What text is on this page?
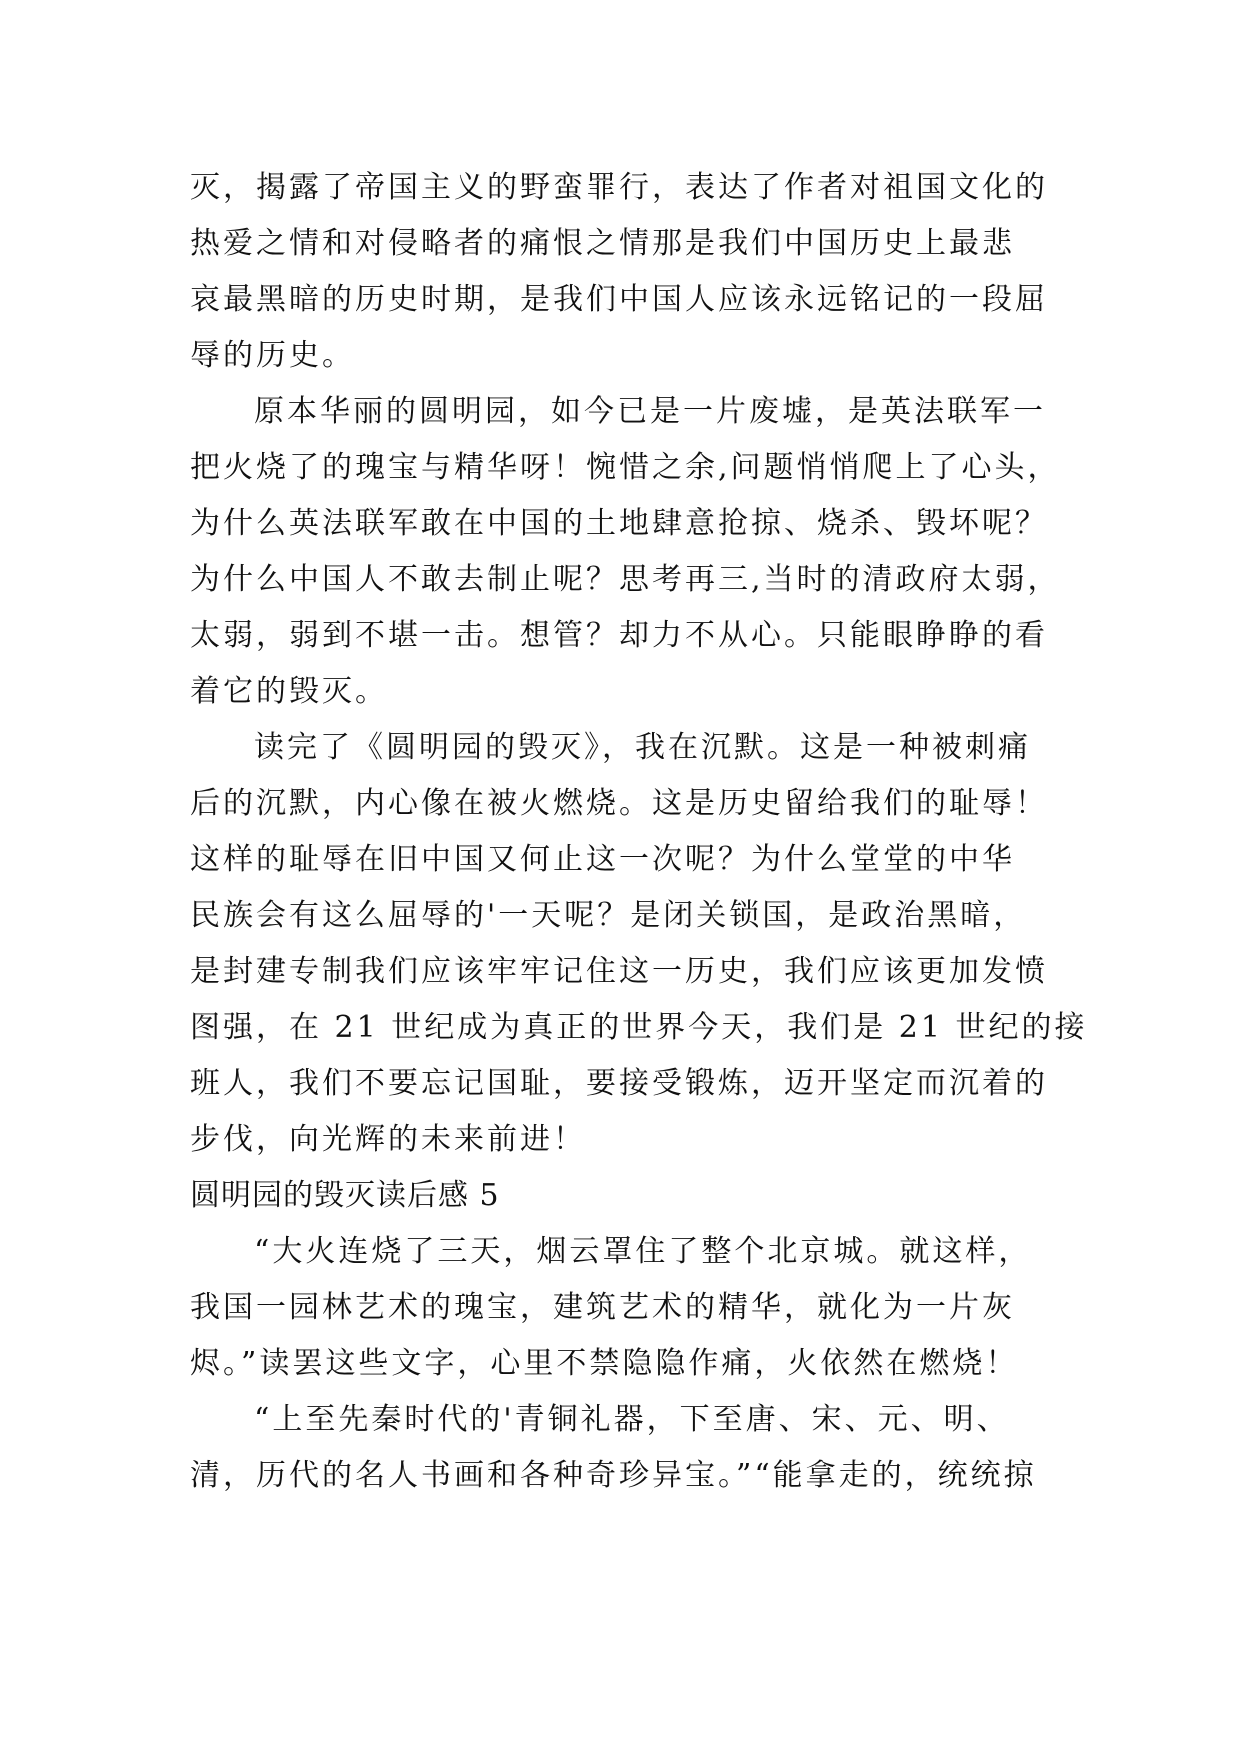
灭，揭露了帝国主义的野蛮罪行，表达了作者对祖国文化的
热爱之情和对侵略者的痛恨之情那是我们中国历史上最悲
哀最黑暗的历史时期，是我们中国人应该永远铭记的一段屈
辱的历史。
原本华丽的圆明园，如今已是一片废墟，是英法联军一
把火烧了的瑰宝与精华呀！惋惜之余,问题悄悄爬上了心头，
为什么英法联军敢在中国的土地肆意抢掠、烧杀、毁坏呢？
为什么中国人不敢去制止呢？思考再三,当时的清政府太弱，
太弱，弱到不堪一击。想管？却力不从心。只能眼睁睁的看
着它的毁灭。
读完了《圆明园的毁灭》，我在沉默。这是一种被刺痛
后的沉默，内心像在被火燃烧。这是历史留给我们的耻辱！
这样的耻辱在旧中国又何止这一次呢？为什么堂堂的中华
民族会有这么屈辱的'一天呢？是闭关锁国，是政治黑暗，
是封建专制我们应该牢牢记住这一历史，我们应该更加发愤
图强，在 21 世纪成为真正的世界今天，我们是 21 世纪的接
班人，我们不要忘记国耻，要接受锻炼，迈开坚定而沉着的
步伐，向光辉的未来前进！
圆明园的毁灭读后感 5
“大火连烧了三天，烟云罩住了整个北京城。就这样，
我国一园林艺术的瑰宝，建筑艺术的精华，就化为一片灰
烬。”读罢这些文字，心里不禁隐隐作痛，火依然在燃烧！
“上至先秦时代的'青铜礼器，下至唐、宋、元、明、
清，历代的名人书画和各种奇珍异宝。”“能拿走的，统统掠
